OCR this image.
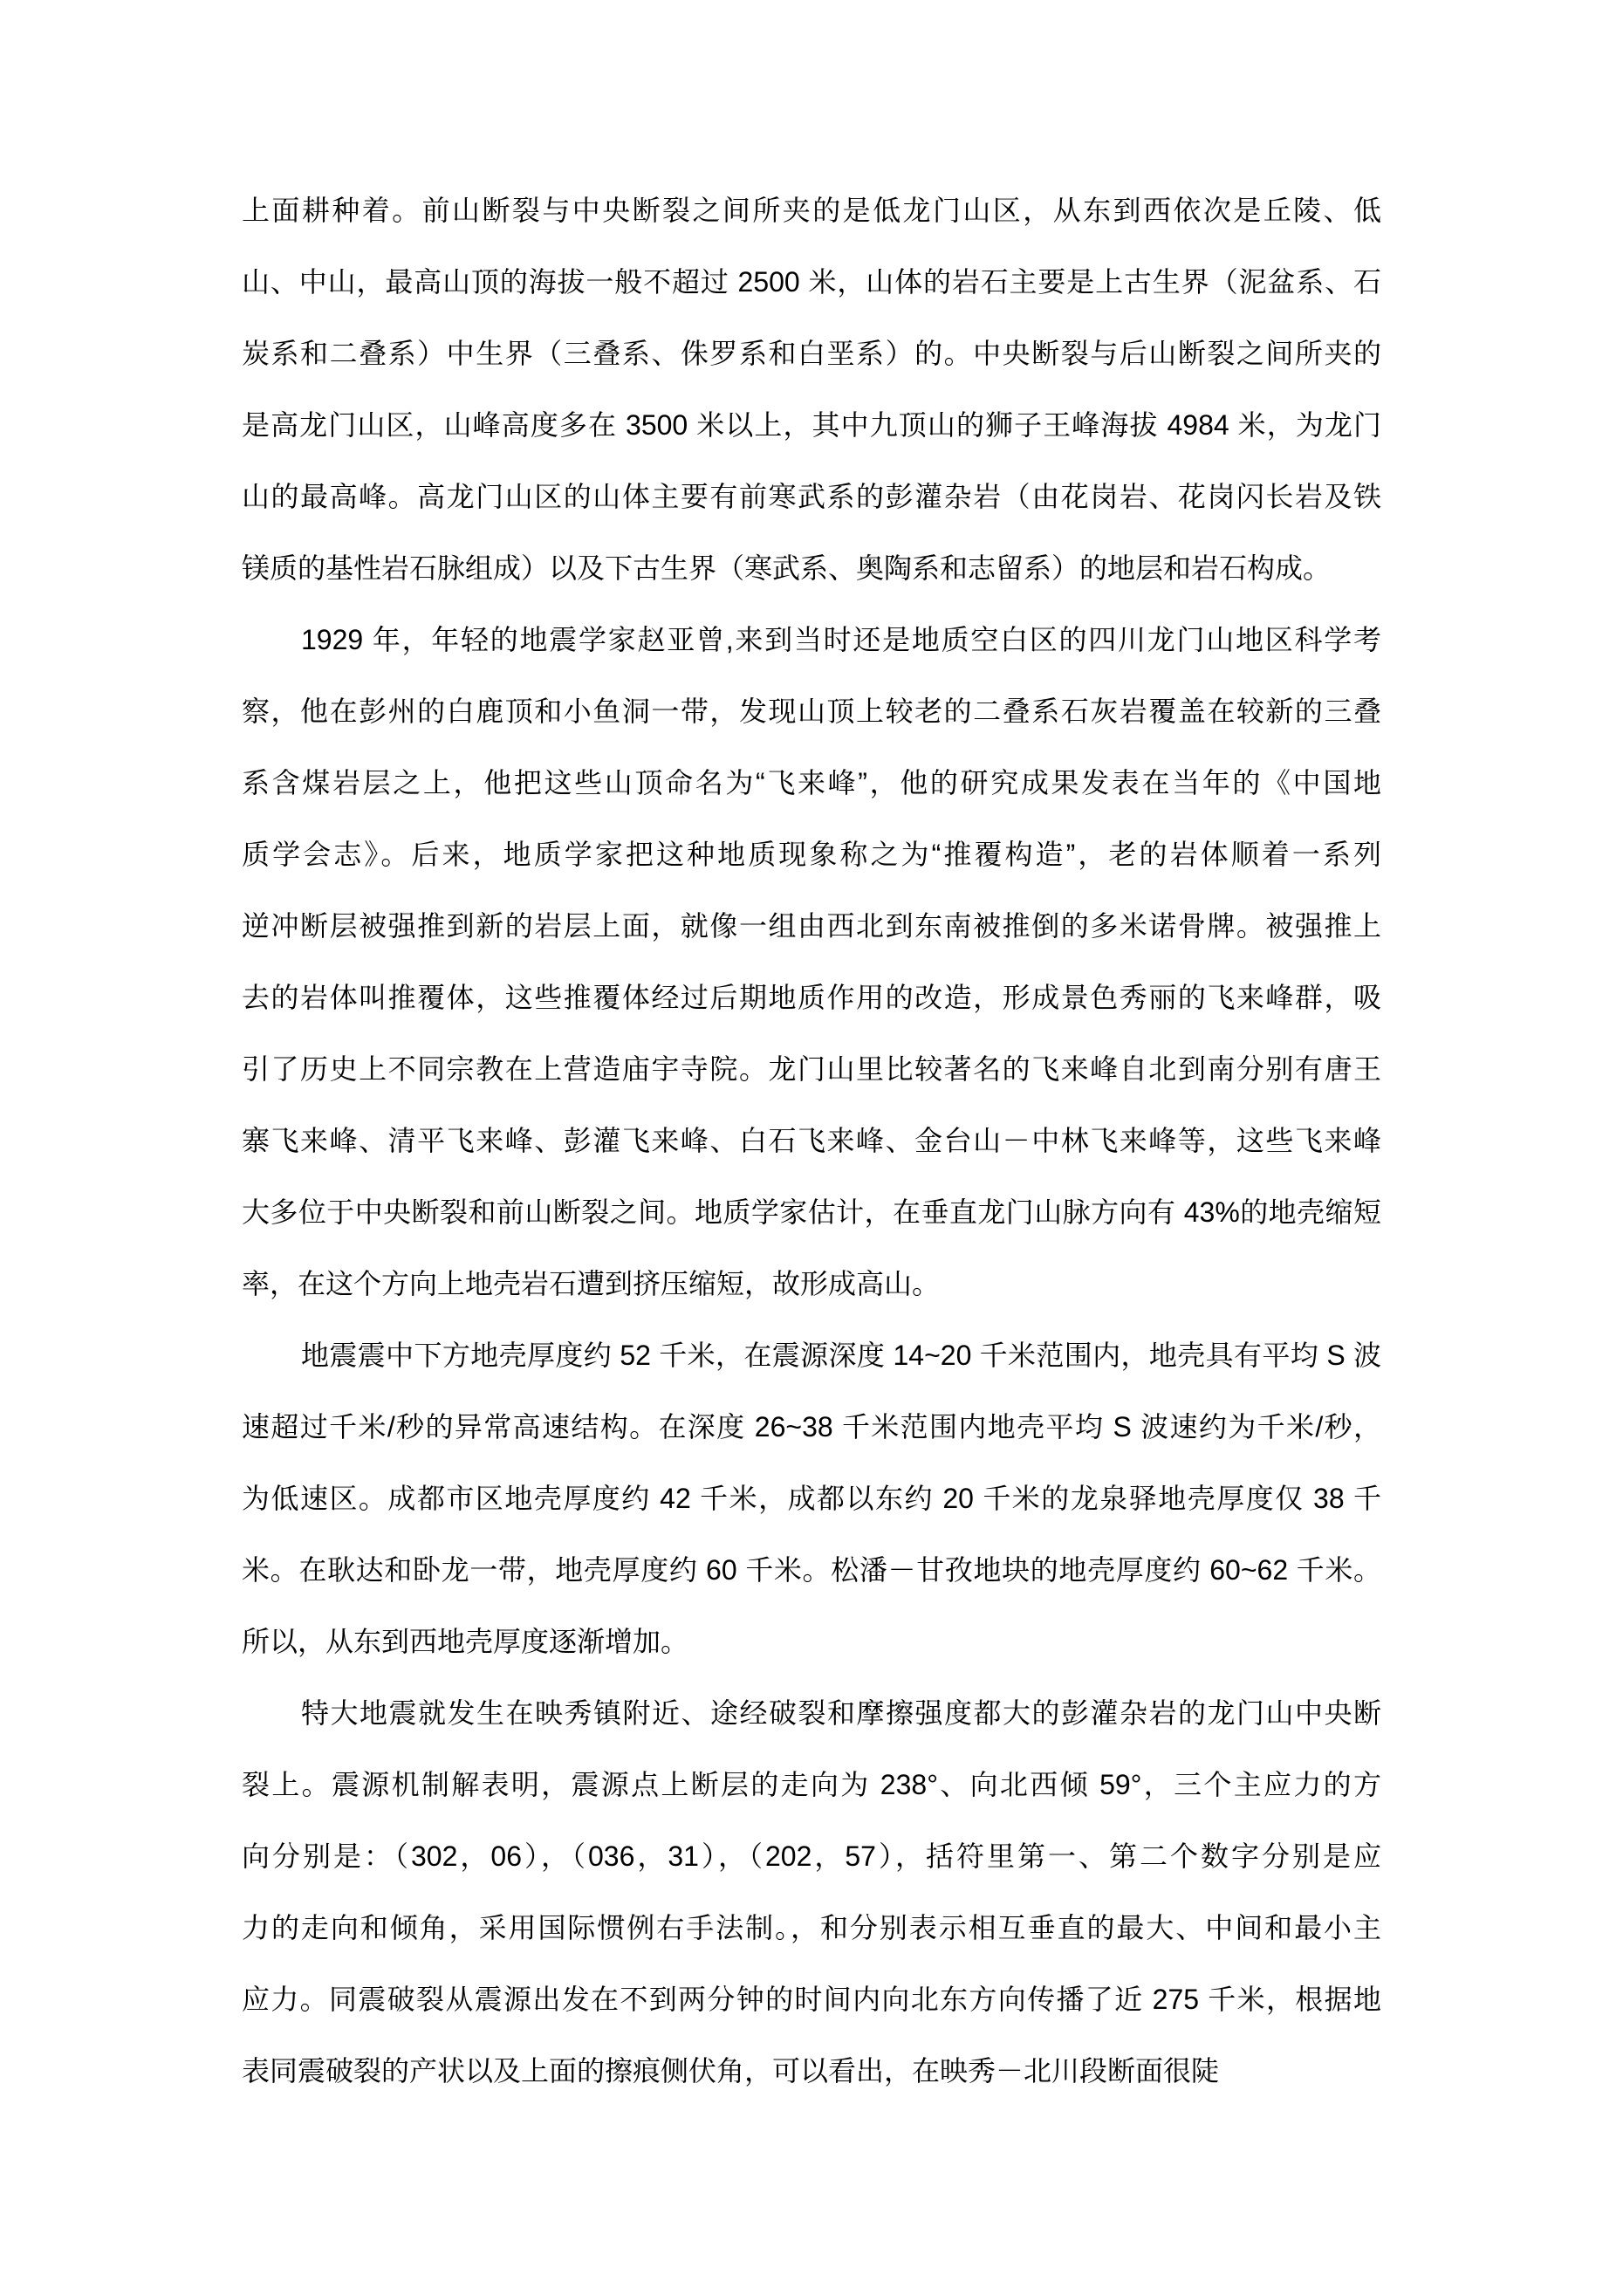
上面耕种着。前山断裂与中央断裂之间所夹的是低龙门山区，从东到西依次是丘陵、低
山、中山，最高山顶的海拔一般不超过 2500 米，山体的岩石主要是上古生界（泥盆系、石
炭系和二叠系）中生界（三叠系、侏罗系和白垩系）的。中央断裂与后山断裂之间所夹的
是高龙门山区，山峰高度多在 3500 米以上，其中九顶山的狮子王峰海拔 4984 米，为龙门
山的最高峰。高龙门山区的山体主要有前寒武系的彭灌杂岩（由花岗岩、花岗闪长岩及铁
镁质的基性岩石脉组成）以及下古生界（寒武系、奥陶系和志留系）的地层和岩石构成。
1929 年，年轻的地震学家赵亚曾,来到当时还是地质空白区的四川龙门山地区科学考
察，他在彭州的白鹿顶和小鱼洞一带，发现山顶上较老的二叠系石灰岩覆盖在较新的三叠
系含煤岩层之上，他把这些山顶命名为“飞来峰”，他的研究成果发表在当年的《中国地
质学会志》。后来，地质学家把这种地质现象称之为“推覆构造”，老的岩体顺着一系列
逆冲断层被强推到新的岩层上面，就像一组由西北到东南被推倒的多米诺骨牌。被强推上
去的岩体叫推覆体，这些推覆体经过后期地质作用的改造，形成景色秀丽的飞来峰群，吸
引了历史上不同宗教在上营造庙宇寺院。龙门山里比较著名的飞来峰自北到南分别有唐王
寨飞来峰、清平飞来峰、彭灌飞来峰、白石飞来峰、金台山－中林飞来峰等，这些飞来峰
大多位于中央断裂和前山断裂之间。地质学家估计，在垂直龙门山脉方向有 43%的地壳缩短
率，在这个方向上地壳岩石遭到挤压缩短，故形成高山。
地震震中下方地壳厚度约 52 千米，在震源深度 14~20 千米范围内，地壳具有平均 S 波
速超过千米/秒的异常高速结构。在深度 26~38 千米范围内地壳平均 S 波速约为千米/秒，
为低速区。成都市区地壳厚度约 42 千米，成都以东约 20 千米的龙泉驿地壳厚度仅 38 千
米。在耿达和卧龙一带，地壳厚度约 60 千米。松潘－甘孜地块的地壳厚度约 60~62 千米。
所以，从东到西地壳厚度逐渐增加。
特大地震就发生在映秀镇附近、途经破裂和摩擦强度都大的彭灌杂岩的龙门山中央断
裂上。震源机制解表明，震源点上断层的走向为 238°、向北西倾 59°，三个主应力的方
向分别是：（302，06），（036，31），（202，57），括符里第一、第二个数字分别是应
力的走向和倾角，采用国际惯例右手法制。，和分别表示相互垂直的最大、中间和最小主
应力。同震破裂从震源出发在不到两分钟的时间内向北东方向传播了近 275 千米，根据地
表同震破裂的产状以及上面的擦痕侧伏角，可以看出，在映秀－北川段断面很陡
